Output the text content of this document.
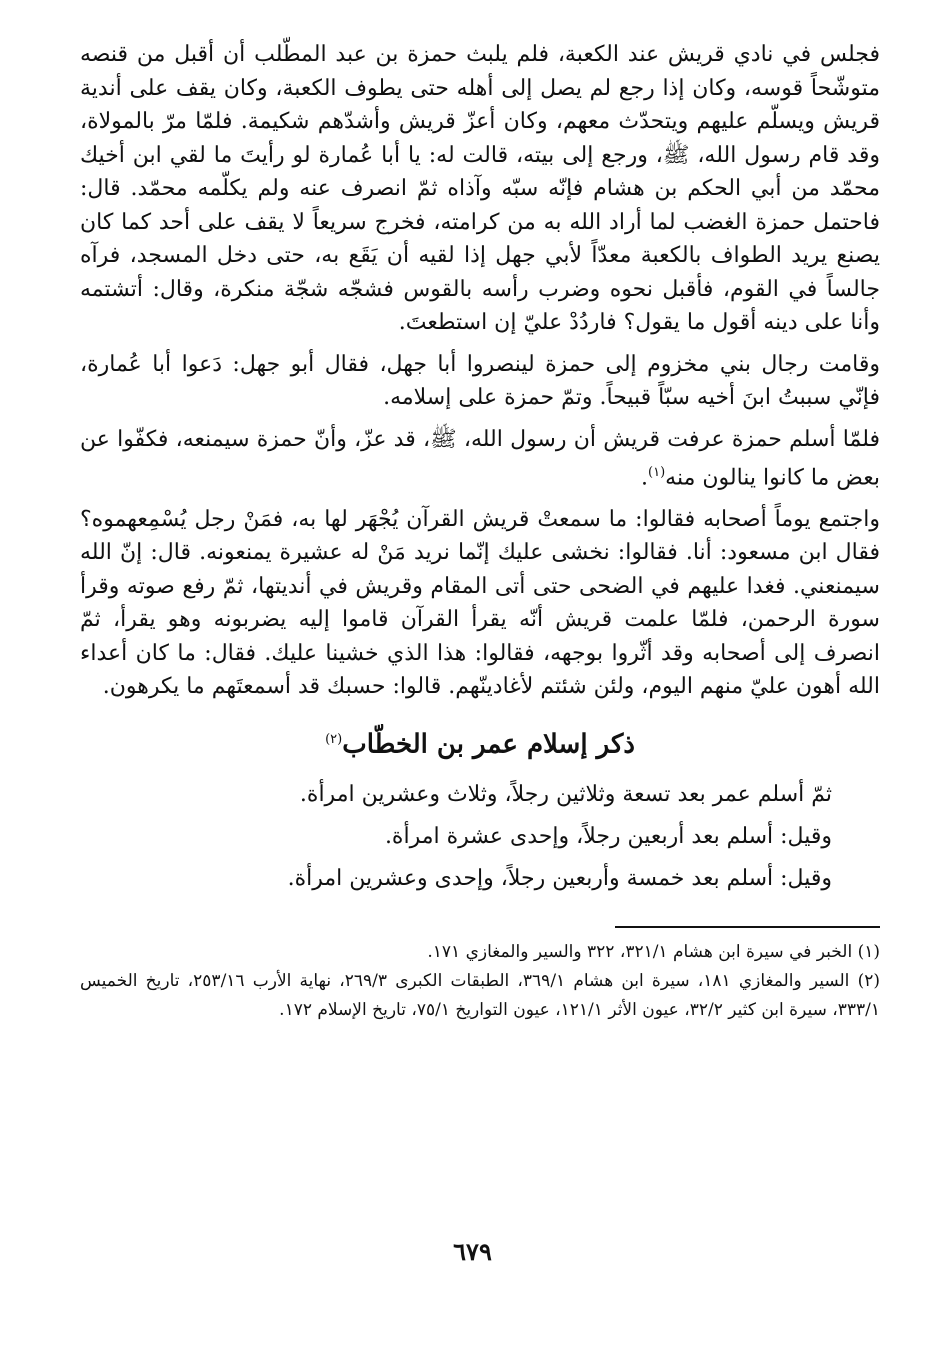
فجلس في نادي قريش عند الكعبة، فلم يلبث حمزة بن عبد المطّلب أن أقبل من قنصه متوشّحاً قوسه، وكان إذا رجع لم يصل إلى أهله حتى يطوف الكعبة، وكان يقف على أندية قريش ويسلّم عليهم ويتحدّث معهم، وكان أعزّ قريش وأشدّهم شكيمة. فلمّا مرّ بالمولاة، وقد قام رسول الله، ﷺ، ورجع إلى بيته، قالت له: يا أبا عُمارة لو رأيتَ ما لقي ابن أخيك محمّد من أبي الحكم بن هشام فإنّه سبّه وآذاه ثمّ انصرف عنه ولم يكلّمه محمّد. قال: فاحتمل حمزة الغضب لما أراد الله به من كرامته، فخرج سريعاً لا يقف على أحد كما كان يصنع يريد الطواف بالكعبة معدّاً لأبي جهل إذا لقيه أن يَقَع به، حتى دخل المسجد، فرآه جالساً في القوم، فأقبل نحوه وضرب رأسه بالقوس فشجّه شجّة منكرة، وقال: أتشتمه وأنا على دينه أقول ما يقول؟ فاردُدْ عليّ إن استطعتَ.

وقامت رجال بني مخزوم إلى حمزة لينصروا أبا جهل، فقال أبو جهل: دَعوا أبا عُمارة، فإنّي سببتُ ابنَ أخيه سبّاً قبيحاً. وتمّ حمزة على إسلامه.

فلمّا أسلم حمزة عرفت قريش أن رسول الله، ﷺ، قد عزّ، وأنّ حمزة سيمنعه، فكفّوا عن بعض ما كانوا ينالون منه$^{(١)}$.

واجتمع يوماً أصحابه فقالوا: ما سمعتْ قريش القرآن يُجْهَر لها به، فمَنْ رجل يُسْمِعهموه؟ فقال ابن مسعود: أنا. فقالوا: نخشى عليك إنّما نريد مَنْ له عشيرة يمنعونه. قال: إنّ الله سيمنعني. فغدا عليهم في الضحى حتى أتى المقام وقريش في أنديتها، ثمّ رفع صوته وقرأ سورة الرحمن، فلمّا علمت قريش أنّه يقرأ القرآن قاموا إليه يضربونه وهو يقرأ، ثمّ انصرف إلى أصحابه وقد أثّروا بوجهه، فقالوا: هذا الذي خشينا عليك. فقال: ما كان أعداء الله أهون عليّ منهم اليوم، ولئن شئتم لأغادينّهم. قالوا: حسبك قد أسمعتَهم ما يكرهون.

ذكر إسلام عمر بن الخطّاب$^{(٢)}$

ثمّ أسلم عمر بعد تسعة وثلاثين رجلاً، وثلاث وعشرين امرأة.

وقيل: أسلم بعد أربعين رجلاً، وإحدى عشرة امرأة.

وقيل: أسلم بعد خمسة وأربعين رجلاً، وإحدى وعشرين امرأة.

(١) الخبر في سيرة ابن هشام ٣٢١/١، ٣٢٢ والسير والمغازي ١٧١.

(٢) السير والمغازي ١٨١، سيرة ابن هشام ٣٦٩/١، الطبقات الكبرى ٢٦٩/٣، نهاية الأرب ٢٥٣/١٦، تاريخ الخميس ٣٣٣/١، سيرة ابن كثير ٣٢/٢، عيون الأثر ١٢١/١، عيون التواريخ ٧٥/١، تاريخ الإسلام ١٧٢.

٦٧٩
